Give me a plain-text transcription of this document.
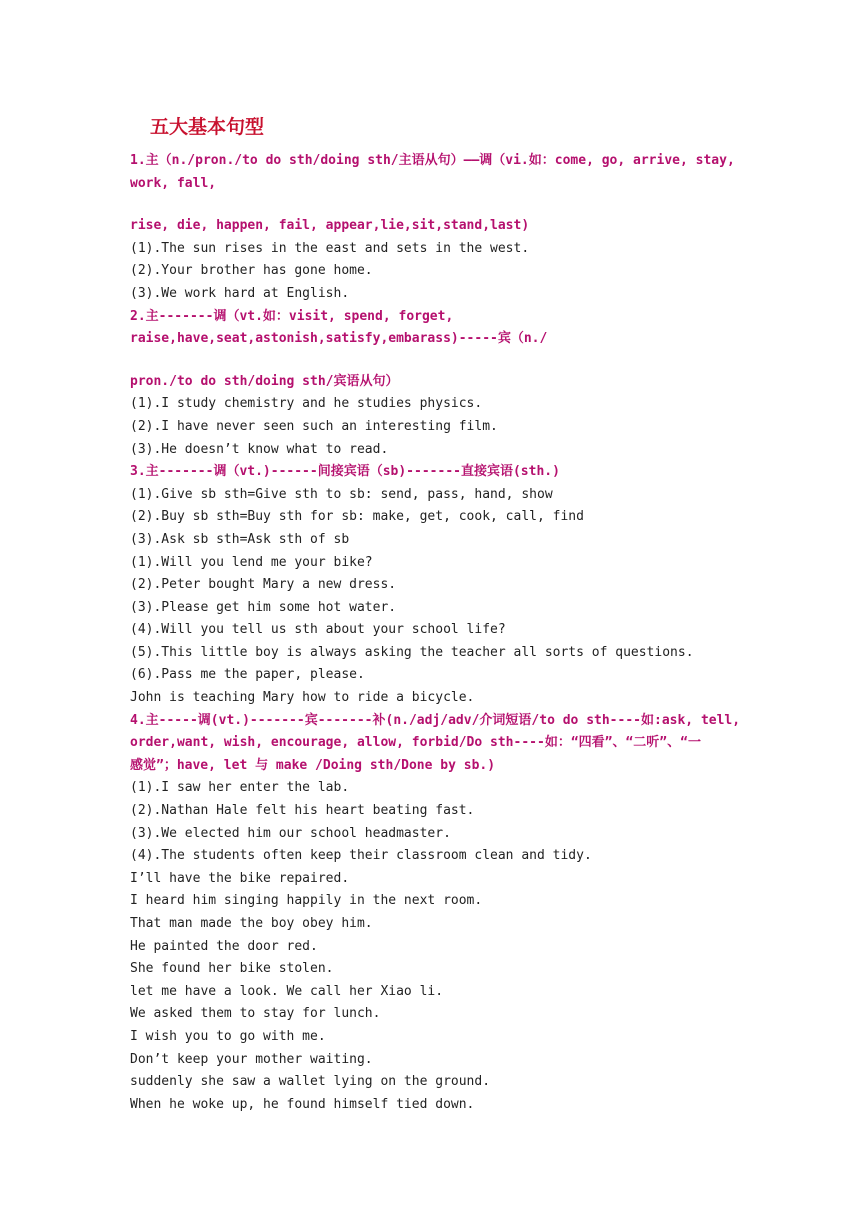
五大基本句型
1.主（n./pron./to do sth/doing sth/主语从句）——调（vi.如：come, go, arrive, stay,
work, fall,
rise, die, happen, fail, appear,lie,sit,stand,last)
(1).The sun rises in the east and sets in the west.
(2).Your brother has gone home.
(3).We work hard at English.
2.主-------调（vt.如：visit, spend, forget,
raise,have,seat,astonish,satisfy,embarass)-----宾（n./
pron./to do sth/doing sth/宾语从句）
(1).I study chemistry and he studies physics.
(2).I have never seen such an interesting film.
(3).He doesn’t know what to read.
3.主-------调（vt.)------间接宾语（sb)-------直接宾语(sth.)
(1).Give sb sth=Give sth to sb: send, pass, hand, show
(2).Buy sb sth=Buy sth for sb: make, get, cook, call, find
(3).Ask sb sth=Ask sth of sb
(1).Will you lend me your bike?
(2).Peter bought Mary a new dress.
(3).Please get him some hot water.
(4).Will you tell us sth about your school life?
(5).This little boy is always asking the teacher all sorts of questions.
(6).Pass me the paper, please.
John is teaching Mary how to ride a bicycle.
4.主-----调(vt.)-------宾-------补(n./adj/adv/介词短语/to do sth----如:ask, tell,
order,want, wish, encourage, allow, forbid/Do sth----如：“四看”、“二听”、“一
感觉”；have, let 与 make /Doing sth/Done by sb.)
(1).I saw her enter the lab.
(2).Nathan Hale felt his heart beating fast.
(3).We elected him our school headmaster.
(4).The students often keep their classroom clean and tidy.
I’ll have the bike repaired.
I heard him singing happily in the next room.
That man made the boy obey him.
He painted the door red.
She found her bike stolen.
let me have a look. We call her Xiao li.
We asked them to stay for lunch.
I wish you to go with me.
Don’t keep your mother waiting.
suddenly she saw a wallet lying on the ground.
When he woke up, he found himself tied down.
